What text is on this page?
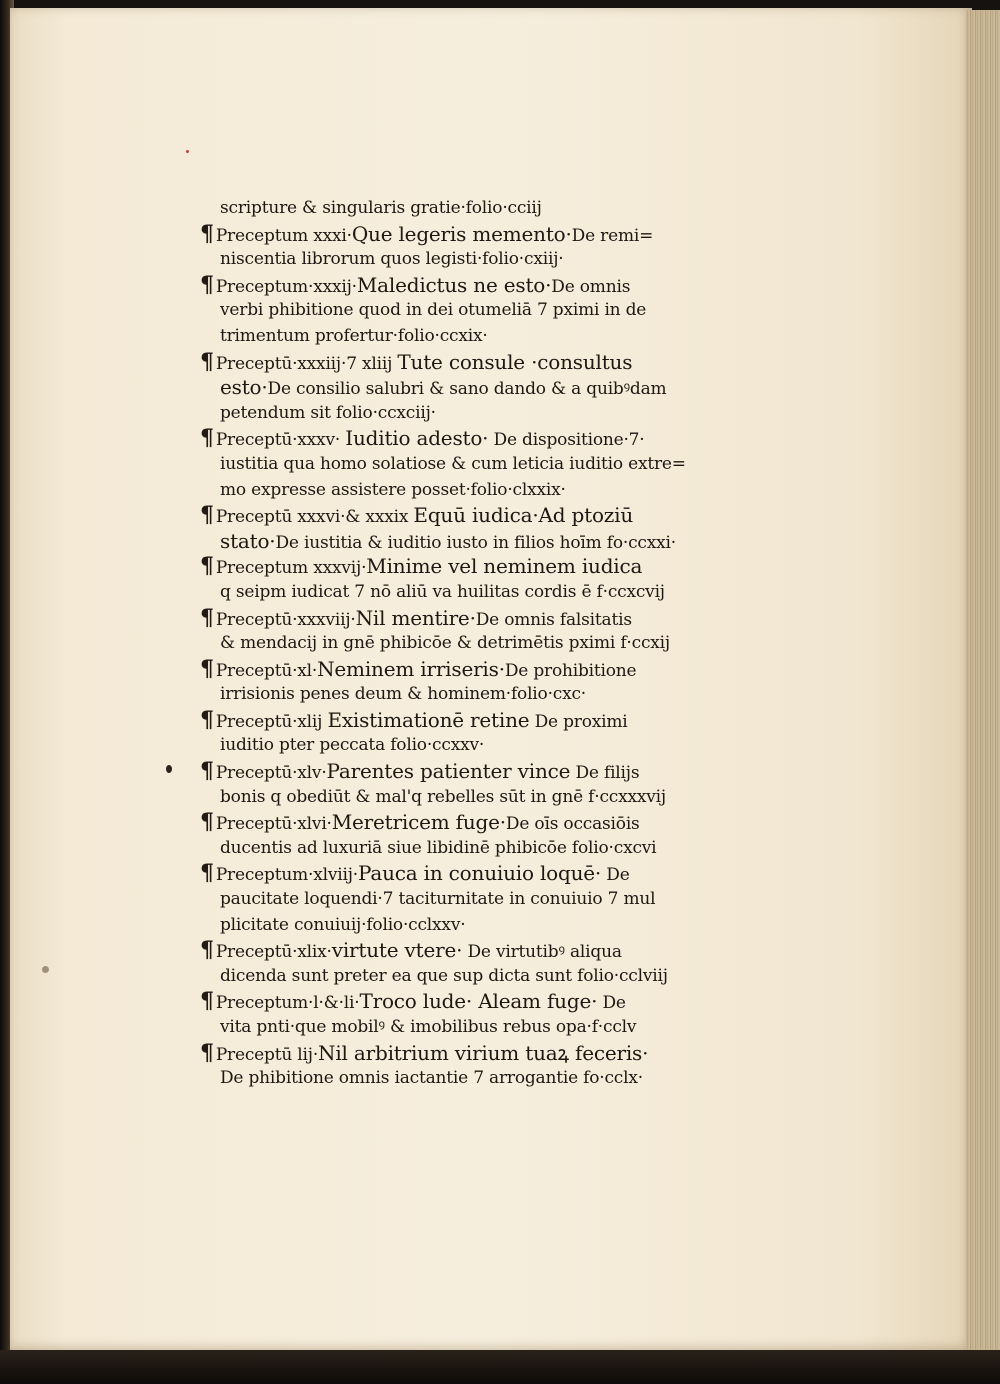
scripture & singularis gratie·folio·cciij
¶ Preceptum xxxi·Que legeris memento·De remi=
niscentia librorum quos legisti·folio·cxiij·
¶ Preceptum·xxxij·Maledictus ne esto·De omnis
verbi phibitione quod in dei otumeliā 7 pximi in de
trimentum profertur·folio·ccxix·
¶ Preceptū·xxxiij·7 xliij Tute consule ·consultus
esto·De consilio salubri & sano dando & a quibꝰdam
petendum sit folio·ccxciij·
¶ Preceptū·xxxv· Iuditio adesto· De dispositione·7·
iustitia qua homo solatiose & cum leticia iuditio extre=
mo expresse assistere posset·folio·clxxix·
¶ Preceptū xxxvi·& xxxix Equū iudica·Ad ptoziū
stato·De iustitia & iuditio iusto in filios hoīm fo·ccxxi·
¶ Preceptum xxxvij·Minime vel neminem iudica
q seipm iudicat 7 nō aliū va huilitas cordis ē f·ccxcvij
¶ Preceptū·xxxviij·Nil mentire·De omnis falsitatis
& mendacij in gnē phibicōe & detrimētis pximi f·ccxij
¶ Preceptū·xl·Neminem irriseris·De prohibitione
irrisionis penes deum & hominem·folio·cxc·
¶ Preceptū·xlij Existimationē retine De proximi
iuditio pter peccata folio·ccxxv·
¶ Preceptū·xlv·Parentes patienter vince De filijs
bonis q obediūt & mal'q rebelles sūt in gnē f·ccxxxvij
¶ Preceptū·xlvi·Meretricem fuge·De oīs occasiōis
ducentis ad luxuriā siue libidinē phibicōe folio·cxcvi
¶ Preceptum·xlviij·Pauca in conuiuio loquē· De
paucitate loquendi·7 taciturnitate in conuiuio 7 mul
plicitate conuiuij·folio·cclxxv·
¶ Preceptū·xlix·virtute vtere· De virtutibꝰ aliqua
dicenda sunt preter ea que sup dicta sunt folio·cclviij
¶ Preceptum·l·&·li·Troco lude· Aleam fuge· De
vita pnti·que mobilꝰ & imobilibus rebus opa·f·cclv
¶ Preceptū lij·Nil arbitrium virium tuaꝝ feceris·
De phibitione omnis iactantie 7 arrogantie fo·cclx·
